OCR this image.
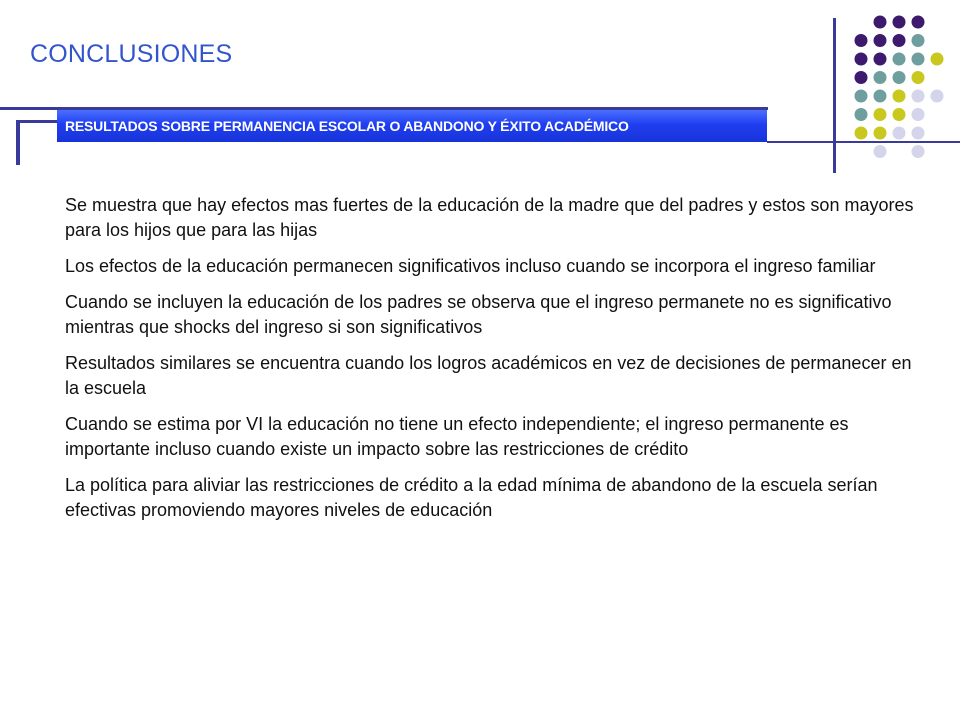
CONCLUSIONES
RESULTADOS SOBRE PERMANENCIA ESCOLAR O ABANDONO Y ÉXITO ACADÉMICO

Se muestra que hay efectos mas fuertes de la educación de la madre que del padres y estos son mayores para los hijos que para las hijas

Los efectos de la educación permanecen significativos incluso cuando se incorpora el ingreso familiar

Cuando se incluyen la educación de los padres se observa que el ingreso permanete no es significativo mientras que shocks del ingreso si son significativos

Resultados similares se encuentra cuando los logros académicos en vez de decisiones de permanecer en la escuela

Cuando se estima por VI la educación no tiene un efecto independiente; el ingreso permanente es importante incluso cuando existe un impacto sobre las restricciones de crédito

La política para aliviar las restricciones de crédito a la edad mínima de abandono de la escuela serían efectivas promoviendo mayores niveles de educación
